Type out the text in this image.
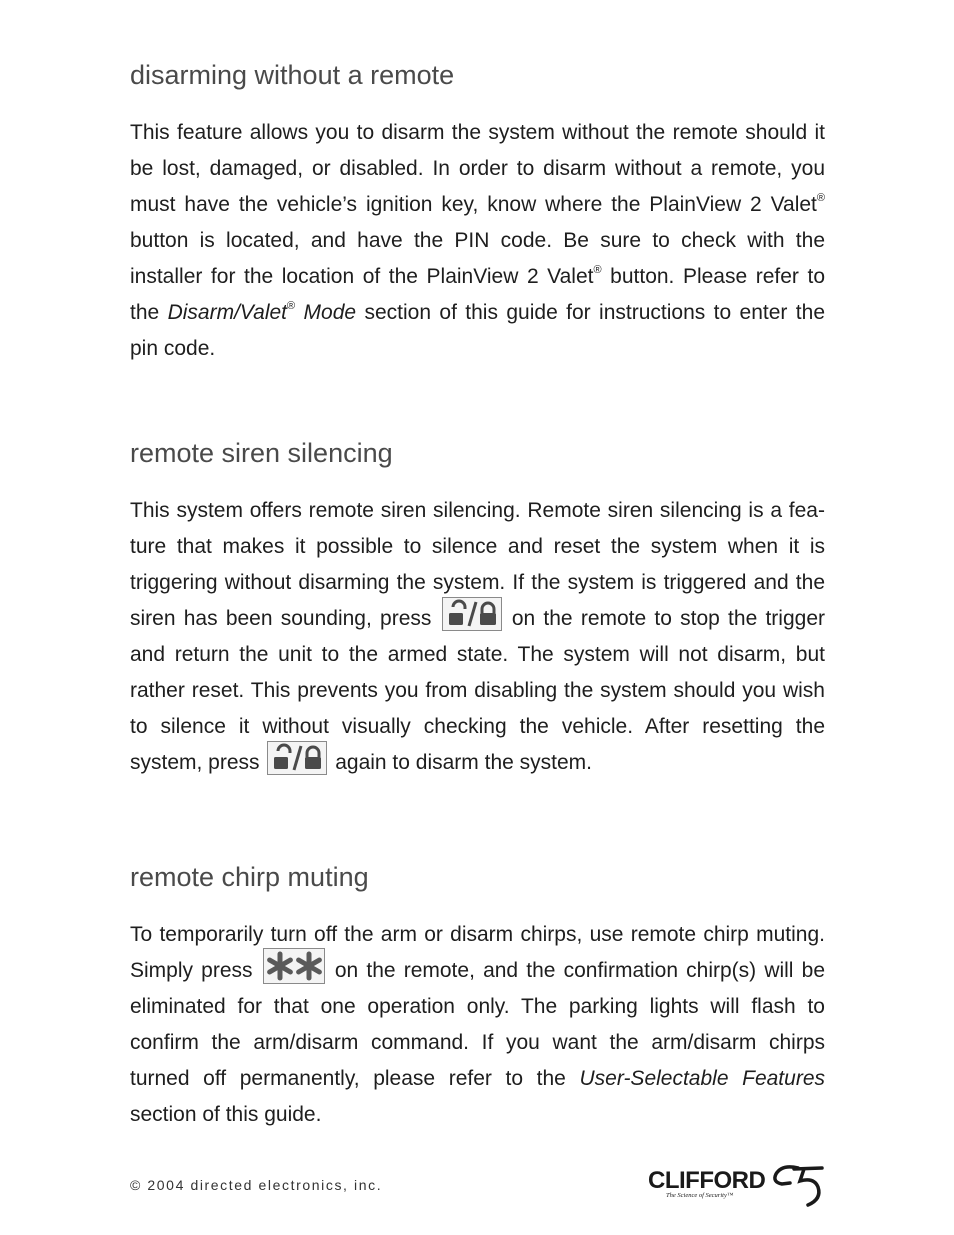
disarming without a remote

This feature allows you to disarm the system without the remote should it be lost, damaged, or disabled. In order to disarm without a remote, you must have the vehicle’s ignition key, know where the PlainView 2 Valet® button is located, and have the PIN code. Be sure to check with the installer for the location of the PlainView 2 Valet® button. Please refer to the Disarm/Valet® Mode section of this guide for instructions to enter the pin code.

remote siren silencing

This system offers remote siren silencing. Remote siren silencing is a feature that makes it possible to silence and reset the system when it is triggering without disarming the system. If the system is triggered and the siren has been sounding, press	on the remote to stop the trigger and return the unit to the armed state. The system will not disarm, but rather reset. This prevents you from disabling the system should you wish to silence it without visually checking the vehicle. After resetting the system, press	again to disarm the system.

remote chirp muting

To temporarily turn off the arm or disarm chirps, use remote chirp muting. Simply press	on the remote, and the confirmation chirp(s) will be eliminated for that one operation only. The parking lights will flash to confirm the arm/disarm command. If you want the arm/disarm chirps turned off permanently, please refer to the User-Selectable Features section of this guide.

© 2004 directed electronics, inc.	CLIFFORD
The Science of Security™
